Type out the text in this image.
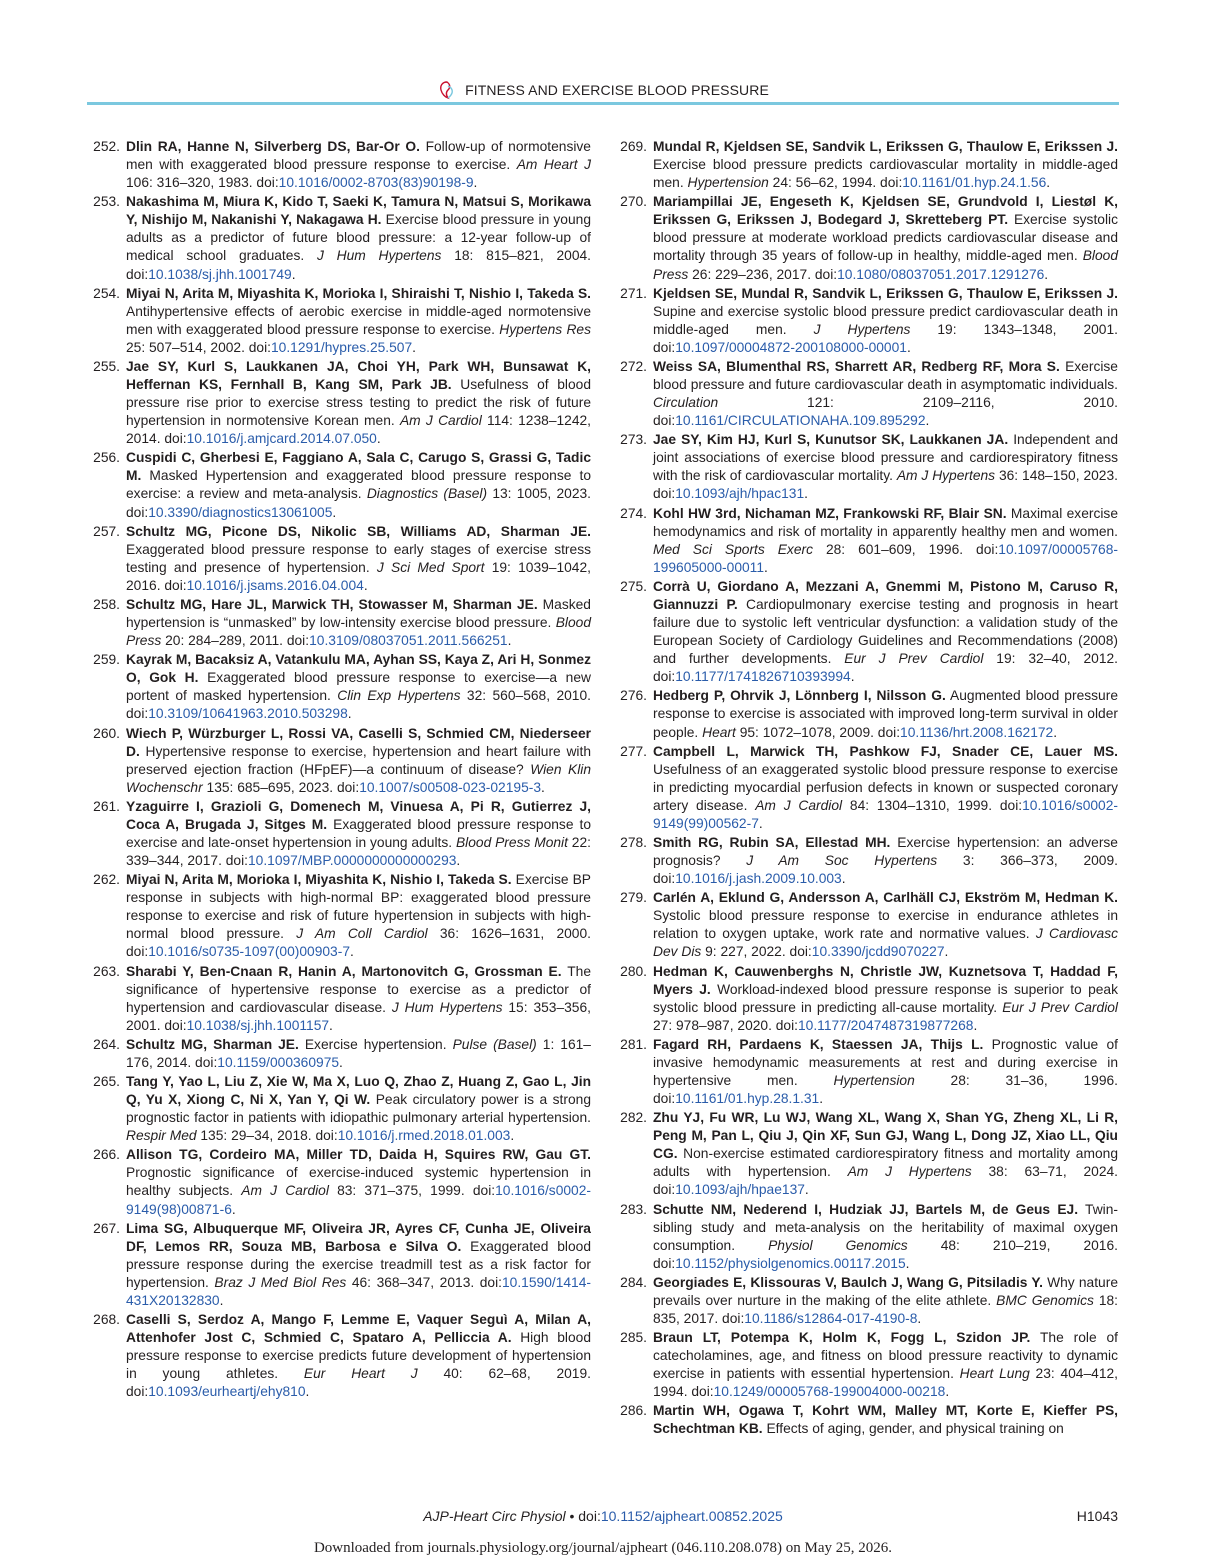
FITNESS AND EXERCISE BLOOD PRESSURE
252. Dlin RA, Hanne N, Silverberg DS, Bar-Or O. Follow-up of normotensive men with exaggerated blood pressure response to exercise. Am Heart J 106: 316–320, 1983. doi:10.1016/0002-8703(83)90198-9.
253. Nakashima M, Miura K, Kido T, Saeki K, Tamura N, Matsui S, Morikawa Y, Nishijo M, Nakanishi Y, Nakagawa H. Exercise blood pressure in young adults as a predictor of future blood pressure: a 12-year follow-up of medical school graduates. J Hum Hypertens 18: 815–821, 2004. doi:10.1038/sj.jhh.1001749.
254. Miyai N, Arita M, Miyashita K, Morioka I, Shiraishi T, Nishio I, Takeda S. Antihypertensive effects of aerobic exercise in middle-aged normotensive men with exaggerated blood pressure response to exercise. Hypertens Res 25: 507–514, 2002. doi:10.1291/hypres.25.507.
255. Jae SY, Kurl S, Laukkanen JA, Choi YH, Park WH, Bunsawat K, Heffernan KS, Fernhall B, Kang SM, Park JB. Usefulness of blood pressure rise prior to exercise stress testing to predict the risk of future hypertension in normotensive Korean men. Am J Cardiol 114: 1238–1242, 2014. doi:10.1016/j.amjcard.2014.07.050.
256. Cuspidi C, Gherbesi E, Faggiano A, Sala C, Carugo S, Grassi G, Tadic M. Masked Hypertension and exaggerated blood pressure response to exercise: a review and meta-analysis. Diagnostics (Basel) 13: 1005, 2023. doi:10.3390/diagnostics13061005.
257. Schultz MG, Picone DS, Nikolic SB, Williams AD, Sharman JE. Exaggerated blood pressure response to early stages of exercise stress testing and presence of hypertension. J Sci Med Sport 19: 1039–1042, 2016. doi:10.1016/j.jsams.2016.04.004.
258. Schultz MG, Hare JL, Marwick TH, Stowasser M, Sharman JE. Masked hypertension is “unmasked” by low-intensity exercise blood pressure. Blood Press 20: 284–289, 2011. doi:10.3109/08037051.2011.566251.
259. Kayrak M, Bacaksiz A, Vatankulu MA, Ayhan SS, Kaya Z, Ari H, Sonmez O, Gok H. Exaggerated blood pressure response to exercise—a new portent of masked hypertension. Clin Exp Hypertens 32: 560–568, 2010. doi:10.3109/10641963.2010.503298.
260. Wiech P, Würzburger L, Rossi VA, Caselli S, Schmied CM, Niederseer D. Hypertensive response to exercise, hypertension and heart failure with preserved ejection fraction (HFpEF)—a continuum of disease? Wien Klin Wochenschr 135: 685–695, 2023. doi:10.1007/s00508-023-02195-3.
261. Yzaguirre I, Grazioli G, Domenech M, Vinuesa A, Pi R, Gutierrez J, Coca A, Brugada J, Sitges M. Exaggerated blood pressure response to exercise and late-onset hypertension in young adults. Blood Press Monit 22: 339–344, 2017. doi:10.1097/MBP.0000000000000293.
262. Miyai N, Arita M, Morioka I, Miyashita K, Nishio I, Takeda S. Exercise BP response in subjects with high-normal BP: exaggerated blood pressure response to exercise and risk of future hypertension in subjects with high-normal blood pressure. J Am Coll Cardiol 36: 1626–1631, 2000. doi:10.1016/s0735-1097(00)00903-7.
263. Sharabi Y, Ben-Cnaan R, Hanin A, Martonovitch G, Grossman E. The significance of hypertensive response to exercise as a predictor of hypertension and cardiovascular disease. J Hum Hypertens 15: 353–356, 2001. doi:10.1038/sj.jhh.1001157.
264. Schultz MG, Sharman JE. Exercise hypertension. Pulse (Basel) 1: 161–176, 2014. doi:10.1159/000360975.
265. Tang Y, Yao L, Liu Z, Xie W, Ma X, Luo Q, Zhao Z, Huang Z, Gao L, Jin Q, Yu X, Xiong C, Ni X, Yan Y, Qi W. Peak circulatory power is a strong prognostic factor in patients with idiopathic pulmonary arterial hypertension. Respir Med 135: 29–34, 2018. doi:10.1016/j.rmed.2018.01.003.
266. Allison TG, Cordeiro MA, Miller TD, Daida H, Squires RW, Gau GT. Prognostic significance of exercise-induced systemic hypertension in healthy subjects. Am J Cardiol 83: 371–375, 1999. doi:10.1016/s0002-9149(98)00871-6.
267. Lima SG, Albuquerque MF, Oliveira JR, Ayres CF, Cunha JE, Oliveira DF, Lemos RR, Souza MB, Barbosa e Silva O. Exaggerated blood pressure response during the exercise treadmill test as a risk factor for hypertension. Braz J Med Biol Res 46: 368–347, 2013. doi:10.1590/1414-431X20132830.
268. Caselli S, Serdoz A, Mango F, Lemme E, Vaquer Seguì A, Milan A, Attenhofer Jost C, Schmied C, Spataro A, Pelliccia A. High blood pressure response to exercise predicts future development of hypertension in young athletes. Eur Heart J 40: 62–68, 2019. doi:10.1093/eurheartj/ehy810.
269. Mundal R, Kjeldsen SE, Sandvik L, Erikssen G, Thaulow E, Erikssen J. Exercise blood pressure predicts cardiovascular mortality in middle-aged men. Hypertension 24: 56–62, 1994. doi:10.1161/01.hyp.24.1.56.
270. Mariampillai JE, Engeseth K, Kjeldsen SE, Grundvold I, Liestøl K, Erikssen G, Erikssen J, Bodegard J, Skretteberg PT. Exercise systolic blood pressure at moderate workload predicts cardiovascular disease and mortality through 35 years of follow-up in healthy, middle-aged men. Blood Press 26: 229–236, 2017. doi:10.1080/08037051.2017.1291276.
271. Kjeldsen SE, Mundal R, Sandvik L, Erikssen G, Thaulow E, Erikssen J. Supine and exercise systolic blood pressure predict cardiovascular death in middle-aged men. J Hypertens 19: 1343–1348, 2001. doi:10.1097/00004872-200108000-00001.
272. Weiss SA, Blumenthal RS, Sharrett AR, Redberg RF, Mora S. Exercise blood pressure and future cardiovascular death in asymptomatic individuals. Circulation 121: 2109–2116, 2010. doi:10.1161/CIRCULATIONAHA.109.895292.
273. Jae SY, Kim HJ, Kurl S, Kunutsor SK, Laukkanen JA. Independent and joint associations of exercise blood pressure and cardiorespiratory fitness with the risk of cardiovascular mortality. Am J Hypertens 36: 148–150, 2023. doi:10.1093/ajh/hpac131.
274. Kohl HW 3rd, Nichaman MZ, Frankowski RF, Blair SN. Maximal exercise hemodynamics and risk of mortality in apparently healthy men and women. Med Sci Sports Exerc 28: 601–609, 1996. doi:10.1097/00005768-199605000-00011.
275. Corrà U, Giordano A, Mezzani A, Gnemmi M, Pistono M, Caruso R, Giannuzzi P. Cardiopulmonary exercise testing and prognosis in heart failure due to systolic left ventricular dysfunction: a validation study of the European Society of Cardiology Guidelines and Recommendations (2008) and further developments. Eur J Prev Cardiol 19: 32–40, 2012. doi:10.1177/1741826710393994.
276. Hedberg P, Ohrvik J, Lönnberg I, Nilsson G. Augmented blood pressure response to exercise is associated with improved long-term survival in older people. Heart 95: 1072–1078, 2009. doi:10.1136/hrt.2008.162172.
277. Campbell L, Marwick TH, Pashkow FJ, Snader CE, Lauer MS. Usefulness of an exaggerated systolic blood pressure response to exercise in predicting myocardial perfusion defects in known or suspected coronary artery disease. Am J Cardiol 84: 1304–1310, 1999. doi:10.1016/s0002-9149(99)00562-7.
278. Smith RG, Rubin SA, Ellestad MH. Exercise hypertension: an adverse prognosis? J Am Soc Hypertens 3: 366–373, 2009. doi:10.1016/j.jash.2009.10.003.
279. Carlén A, Eklund G, Andersson A, Carlhäll CJ, Ekström M, Hedman K. Systolic blood pressure response to exercise in endurance athletes in relation to oxygen uptake, work rate and normative values. J Cardiovasc Dev Dis 9: 227, 2022. doi:10.3390/jcdd9070227.
280. Hedman K, Cauwenberghs N, Christle JW, Kuznetsova T, Haddad F, Myers J. Workload-indexed blood pressure response is superior to peak systolic blood pressure in predicting all-cause mortality. Eur J Prev Cardiol 27: 978–987, 2020. doi:10.1177/2047487319877268.
281. Fagard RH, Pardaens K, Staessen JA, Thijs L. Prognostic value of invasive hemodynamic measurements at rest and during exercise in hypertensive men. Hypertension 28: 31–36, 1996. doi:10.1161/01.hyp.28.1.31.
282. Zhu YJ, Fu WR, Lu WJ, Wang XL, Wang X, Shan YG, Zheng XL, Li R, Peng M, Pan L, Qiu J, Qin XF, Sun GJ, Wang L, Dong JZ, Xiao LL, Qiu CG. Non-exercise estimated cardiorespiratory fitness and mortality among adults with hypertension. Am J Hypertens 38: 63–71, 2024. doi:10.1093/ajh/hpae137.
283. Schutte NM, Nederend I, Hudziak JJ, Bartels M, de Geus EJ. Twin-sibling study and meta-analysis on the heritability of maximal oxygen consumption. Physiol Genomics 48: 210–219, 2016. doi:10.1152/physiolgenomics.00117.2015.
284. Georgiades E, Klissouras V, Baulch J, Wang G, Pitsiladis Y. Why nature prevails over nurture in the making of the elite athlete. BMC Genomics 18: 835, 2017. doi:10.1186/s12864-017-4190-8.
285. Braun LT, Potempa K, Holm K, Fogg L, Szidon JP. The role of catecholamines, age, and fitness on blood pressure reactivity to dynamic exercise in patients with essential hypertension. Heart Lung 23: 404–412, 1994. doi:10.1249/00005768-199004000-00218.
286. Martin WH, Ogawa T, Kohrt WM, Malley MT, Korte E, Kieffer PS, Schechtman KB. Effects of aging, gender, and physical training on
AJP-Heart Circ Physiol • doi:10.1152/ajpheart.00852.2025	H1043
Downloaded from journals.physiology.org/journal/ajpheart (046.110.208.078) on May 25, 2026.
